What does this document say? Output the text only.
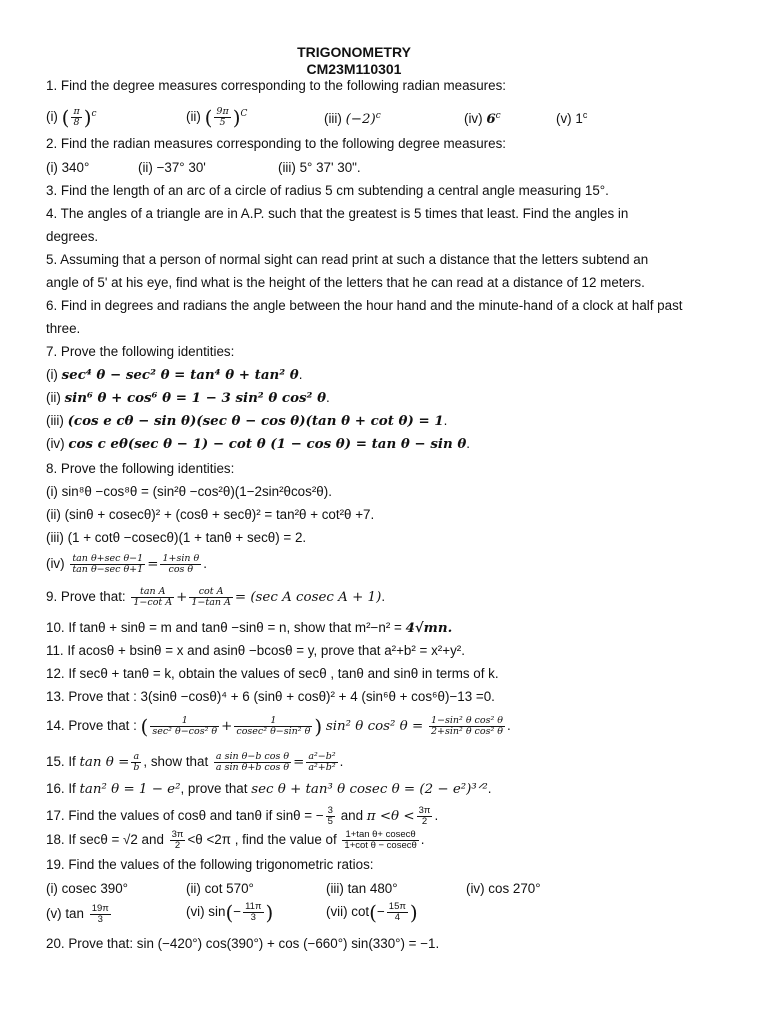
TRIGONOMETRY
CM23M110301
1. Find the degree measures corresponding to the following radian measures:
(i) ( $\frac{\pi}{8} )^c$	(ii) ( $\frac{9\pi}{5} )^C$	(iii) $(-2)^c$	(iv) 6$^c$	(v) 1$^c$
2. Find the radian measures corresponding to the following degree measures:
(i) 340°	(ii) −37° 30'	(iii) 5° 37' 30".
3. Find the length of an arc of a circle of radius 5 cm subtending a central angle measuring 15°.
4. The angles of a triangle are in A.P. such that the greatest is 5 times that least. Find the angles in
degrees.
5. Assuming that a person of normal sight can read print at such a distance that the letters subtend an
angle of 5' at his eye, find what is the height of the letters that he can read at a distance of 12 meters.
6. Find in degrees and radians the angle between the hour hand and the minute-hand of a clock at half past
three.
7. Prove the following identities:
(i) sec⁴ θ − sec² θ = tan⁴ θ + tan² θ.
(ii) sin⁶ θ + cos⁶ θ = 1 − 3 sin² θ cos² θ.
(iii) (cos e cθ − sin θ)(sec θ − cos θ)(tan θ + cot θ) = 1.
(iv) cos c eθ(sec θ − 1) − cot θ (1 − cos θ) = tan θ − sin θ.
8. Prove the following identities:
(i) sin⁸θ −cos⁸θ = (sin²θ −cos²θ)(1−2sin²θcos²θ).
(ii) (sinθ + cosecθ)² + (cosθ + secθ)² = tan²θ + cot²θ +7.
(iii) (1 + cotθ −cosecθ)(1 + tanθ + secθ) = 2.
$(iv) \frac{\text{tan θ+sec θ−1}}{\text{tan θ−sec θ+1}} = \frac{\text{1+sin θ}}{\text{cos θ}}$ .
9. Prove that: $\frac{\text{tan A}}{\text{1−cot A}} + \frac{\text{cot A}}{\text{1−tan A}} = (\sec$ A cosec A + 1).
10. If tanθ + sinθ = m and tanθ −sinθ = n, show that m²−n² = 4√mn.
11. If acosθ + bsinθ = x and asinθ −bcosθ = y, prove that a²+b² = x²+y².
12. If secθ + tanθ = k, obtain the values of secθ , tanθ and sinθ in terms of k.
13. Prove that : 3(sinθ −cosθ)⁴ + 6 (sinθ + cosθ)² + 4 (sin⁶θ + cos⁶θ)−13 =0.
14. Prove that : ( $\frac{1}{\text{sec² θ−cos² θ}} + \frac{1}{\text{cosec² θ−sin² θ}}$ ) sin² θ cos² $\theta = \frac{\text{1−sin² θ cos² θ}}{\text{2+sin² θ cos² θ}}$ .
15. If $\tan \theta = \frac{a}{b}$ , show that $\frac{\text{a sin θ−b cos θ}}{\text{a sin θ+b cos θ}} = \frac{\text{a²−b²}}{\text{a²+b²}}$ .
16. If tan² θ = 1 − e², prove that sec θ + tan³ θ cosec θ = (2 − e²)³ᐟ².
17. Find the values of cosθ and tanθ if sinθ = − $\frac{3}{5}$ and $\pi <\theta < \frac{3\pi}{2}$ .
18. If secθ = √2 and $\frac{3\pi}{2} <\theta <2\pi$ , find the value of $\frac{\text{1+tan θ+ cosecθ}}{\text{1+cot θ − cosecθ}}$ .
19. Find the values of the following trigonometric ratios:
(i) cosec 390°	(ii) cot 570°	(iii) tan 480°	(iv) cos 270°
(v) $\tan \frac{19\pi}{3}$	(vi) $\sin(- \frac{11\pi}{3}$ )	(vii) $\cot(- \frac{15\pi}{4}$ )
20. Prove that: sin (−420°) cos(390°) + cos (−660°) sin(330°) = −1.
